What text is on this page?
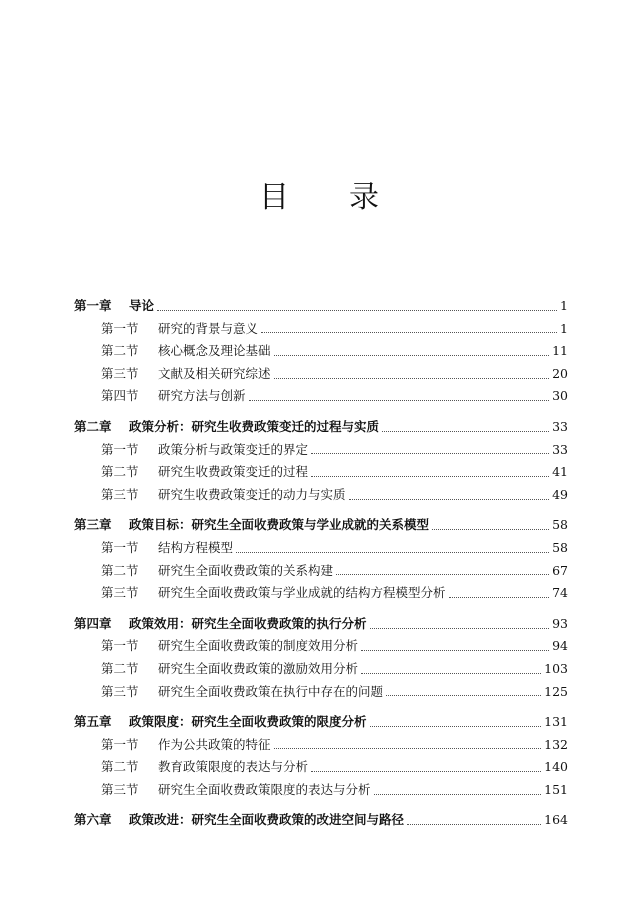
目 录
第一章	导论	1
第一节	研究的背景与意义	1
第二节	核心概念及理论基础	11
第三节	文献及相关研究综述	20
第四节	研究方法与创新	30
第二章	政策分析：研究生收费政策变迁的过程与实质	33
第一节	政策分析与政策变迁的界定	33
第二节	研究生收费政策变迁的过程	41
第三节	研究生收费政策变迁的动力与实质	49
第三章	政策目标：研究生全面收费政策与学业成就的关系模型	58
第一节	结构方程模型	58
第二节	研究生全面收费政策的关系构建	67
第三节	研究生全面收费政策与学业成就的结构方程模型分析	74
第四章	政策效用：研究生全面收费政策的执行分析	93
第一节	研究生全面收费政策的制度效用分析	94
第二节	研究生全面收费政策的激励效用分析	103
第三节	研究生全面收费政策在执行中存在的问题	125
第五章	政策限度：研究生全面收费政策的限度分析	131
第一节	作为公共政策的特征	132
第二节	教育政策限度的表达与分析	140
第三节	研究生全面收费政策限度的表达与分析	151
第六章	政策改进：研究生全面收费政策的改进空间与路径	164
